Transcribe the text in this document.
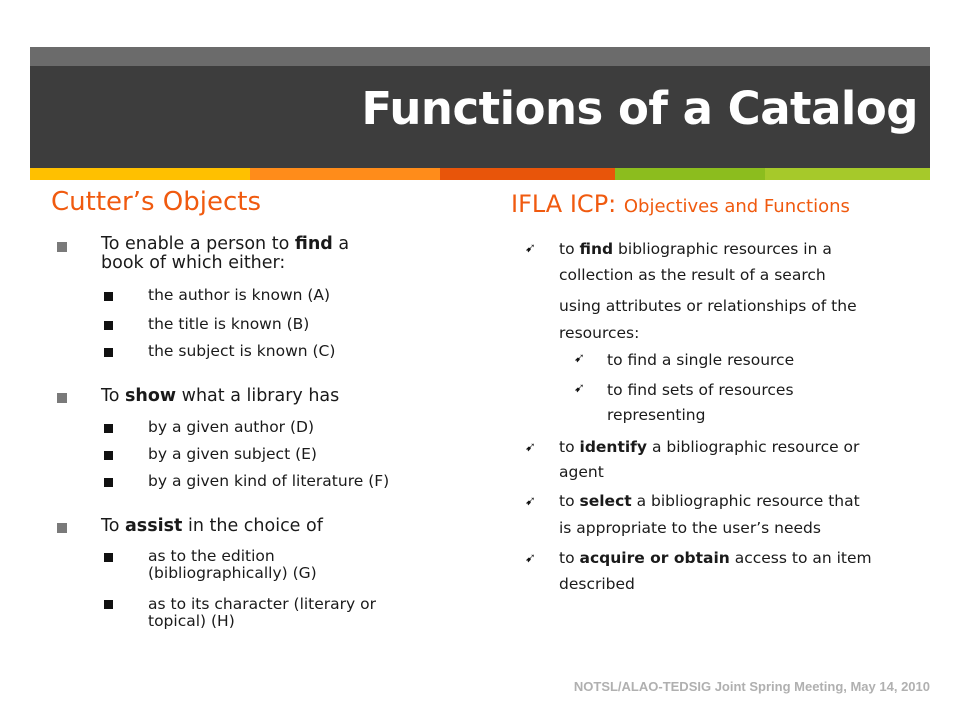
Functions of a Catalog
Cutter’s Objects
To enable a person to find a
book of which either:
the author is known (A)
the title is known (B)
the subject is known (C)
To show what a library has
by a given author (D)
by a given subject (E)
by a given kind of literature (F)
To assist in the choice of
as to the edition
(bibliographically) (G)
as to its character (literary or
topical) (H)
IFLA ICP: Objectives and Functions
➹ to find bibliographic resources in a
collection as the result of a search
using attributes or relationships of the
resources:
➹ to find a single resource
➹ to find sets of resources
representing
➹ to identify a bibliographic resource or
agent
➹ to select a bibliographic resource that
is appropriate to the user’s needs
➹ to acquire or obtain access to an item
described
NOTSL/ALAO-TEDSIG Joint Spring Meeting, May 14, 2010
